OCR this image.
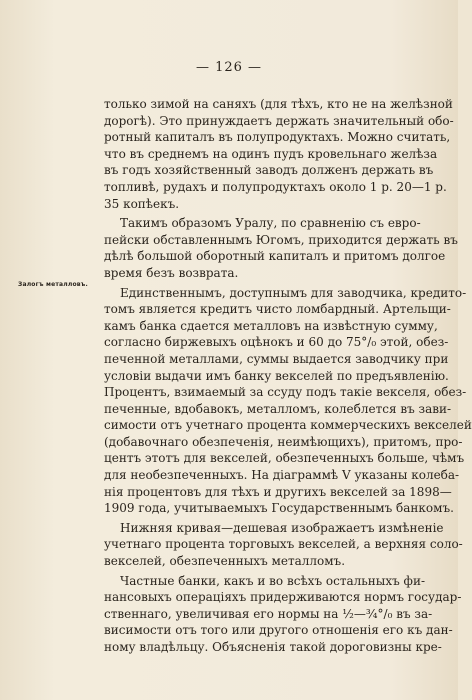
— 126 —
Залогъ металловъ.
только зимой на саняхъ (для тѣхъ, кто не на желѣзной
дорогѣ). Это принуждаетъ держать значительный обо-
ротный капиталъ въ полупродуктахъ. Можно считать,
что въ среднемъ на одинъ пудъ кровельнаго желѣза
въ годъ хозяйственный заводъ долженъ держать въ
топливѣ, рудахъ и полупродуктахъ около 1 р. 20—1 р.
35 копѣекъ.
Такимъ образомъ Уралу, по сравненію съ евро-
пейски обставленнымъ Югомъ, приходится держать въ
дѣлѣ большой оборотный капиталъ и притомъ долгое
время безъ возврата.
Единственнымъ, доступнымъ для заводчика, кредито-
томъ является кредитъ чисто ломбардный. Артельщи-
камъ банка сдается металловъ на извѣстную сумму,
согласно биржевыхъ оцѣнокъ и 60 до 75°/₀ этой, обез-
печенной металлами, суммы выдается заводчику при
условіи выдачи имъ банку векселей по предъявленію.
Процентъ, взимаемый за ссуду подъ такіе векселя, обез-
печенные, вдобавокъ, металломъ, колеблется въ зави-
симости отъ учетнаго процента коммерческихъ векселей
(добавочнаго обезпеченія, неимѣющихъ), притомъ, про-
центъ этотъ для векселей, обезпеченныхъ больше, чѣмъ
для необезпеченныхъ. На діаграммѣ V указаны колеба-
нія процентовъ для тѣхъ и другихъ векселей за 1898—
1909 года, учитываемыхъ Государственнымъ банкомъ.
Нижняя кривая—дешевая изображаетъ измѣненіе
учетнаго процента торговыхъ векселей, а верхняя соло-
векселей, обезпеченныхъ металломъ.
Частные банки, какъ и во всѣхъ остальныхъ фи-
нансовыхъ операціяхъ придерживаются нормъ государ-
ственнаго, увеличивая его нормы на ½—¾°/₀ въ за-
висимости отъ того или другого отношенія его къ дан-
ному владѣльцу. Объясненія такой дороговизны кре-
